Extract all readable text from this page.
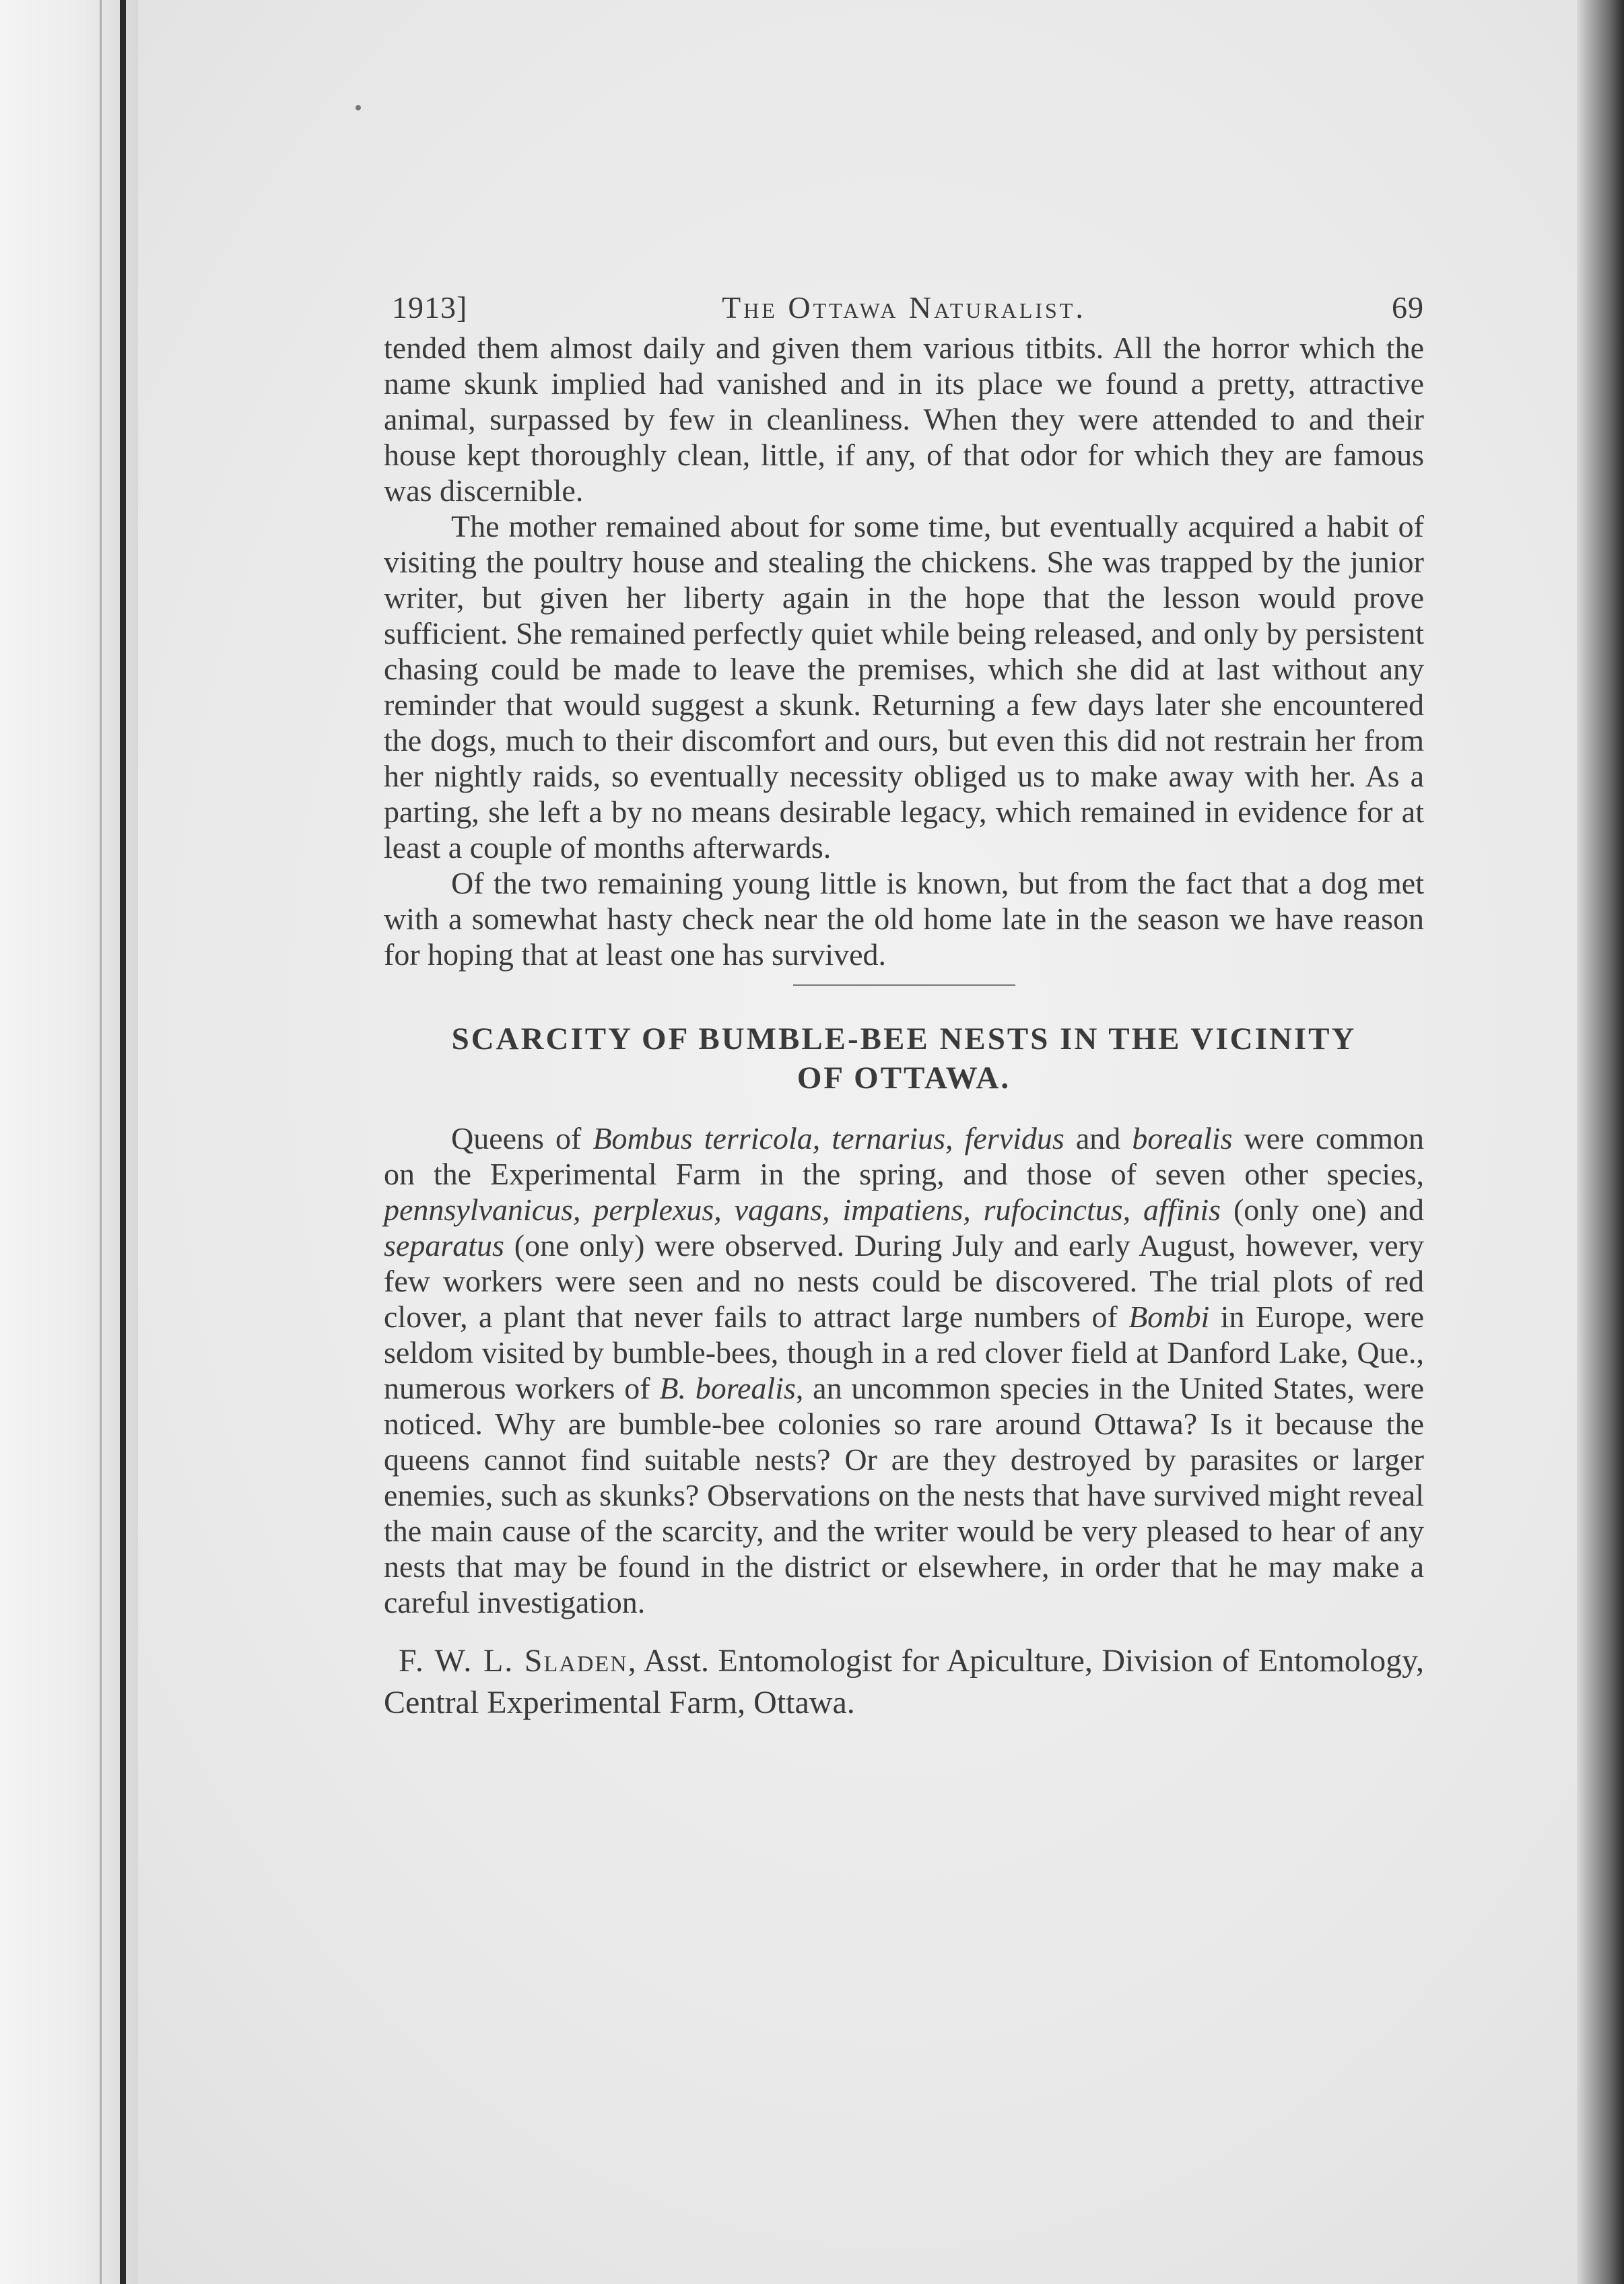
1913]	The Ottawa Naturalist.	69

tended them almost daily and given them various titbits. All the horror which the name skunk implied had vanished and in its place we found a pretty, attractive animal, surpassed by few in cleanliness. When they were attended to and their house kept thoroughly clean, little, if any, of that odor for which they are famous was discernible.

The mother remained about for some time, but eventually acquired a habit of visiting the poultry house and stealing the chickens. She was trapped by the junior writer, but given her liberty again in the hope that the lesson would prove sufficient. She remained perfectly quiet while being released, and only by persistent chasing could be made to leave the premises, which she did at last without any reminder that would suggest a skunk. Returning a few days later she encountered the dogs, much to their discomfort and ours, but even this did not restrain her from her nightly raids, so eventually necessity obliged us to make away with her. As a parting, she left a by no means desirable legacy, which remained in evidence for at least a couple of months afterwards.

Of the two remaining young little is known, but from the fact that a dog met with a somewhat hasty check near the old home late in the season we have reason for hoping that at least one has survived.

SCARCITY OF BUMBLE-BEE NESTS IN THE VICINITY
OF OTTAWA.

Queens of Bombus terricola, ternarius, fervidus and borealis were common on the Experimental Farm in the spring, and those of seven other species, pennsylvanicus, perplexus, vagans, impatiens, rufocinctus, affinis (only one) and separatus (one only) were observed. During July and early August, however, very few workers were seen and no nests could be discovered. The trial plots of red clover, a plant that never fails to attract large numbers of Bombi in Europe, were seldom visited by bumble-bees, though in a red clover field at Danford Lake, Que., numerous workers of B. borealis, an uncommon species in the United States, were noticed. Why are bumble-bee colonies so rare around Ottawa? Is it because the queens cannot find suitable nests? Or are they destroyed by parasites or larger enemies, such as skunks? Observations on the nests that have survived might reveal the main cause of the scarcity, and the writer would be very pleased to hear of any nests that may be found in the district or elsewhere, in order that he may make a careful investigation.

F. W. L. Sladen, Asst. Entomologist for Apiculture, Division of Entomology, Central Experimental Farm, Ottawa.
